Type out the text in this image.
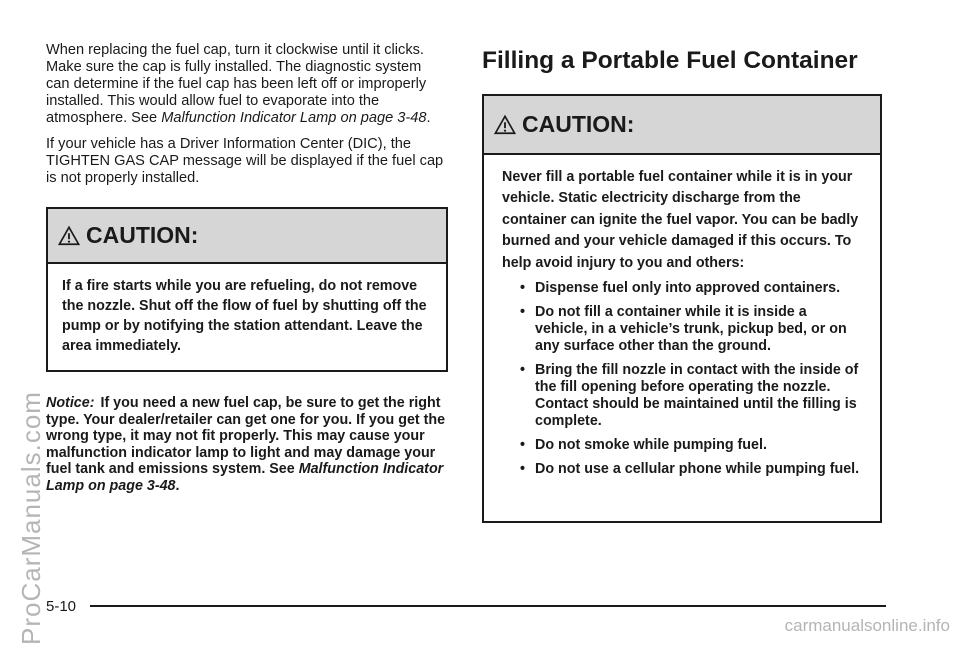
When replacing the fuel cap, turn it clockwise until it clicks. Make sure the cap is fully installed. The diagnostic system can determine if the fuel cap has been left off or improperly installed. This would allow fuel to evaporate into the atmosphere. See Malfunction Indicator Lamp on page 3-48.

If your vehicle has a Driver Information Center (DIC), the TIGHTEN GAS CAP message will be displayed if the fuel cap is not properly installed.

CAUTION:
If a fire starts while you are refueling, do not remove the nozzle. Shut off the flow of fuel by shutting off the pump or by notifying the station attendant. Leave the area immediately.
Notice: If you need a new fuel cap, be sure to get the right type. Your dealer/retailer can get one for you. If you get the wrong type, it may not fit properly. This may cause your malfunction indicator lamp to light and may damage your fuel tank and emissions system. See Malfunction Indicator Lamp on page 3-48.
Filling a Portable Fuel Container
CAUTION:
Never fill a portable fuel container while it is in your vehicle. Static electricity discharge from the container can ignite the fuel vapor. You can be badly burned and your vehicle damaged if this occurs. To help avoid injury to you and others:
• Dispense fuel only into approved containers.
• Do not fill a container while it is inside a vehicle, in a vehicle’s trunk, pickup bed, or on any surface other than the ground.
• Bring the fill nozzle in contact with the inside of the fill opening before operating the nozzle. Contact should be maintained until the filling is complete.
• Do not smoke while pumping fuel.
• Do not use a cellular phone while pumping fuel.
5-10
ProCarManuals.com	carmanualsonline.info
